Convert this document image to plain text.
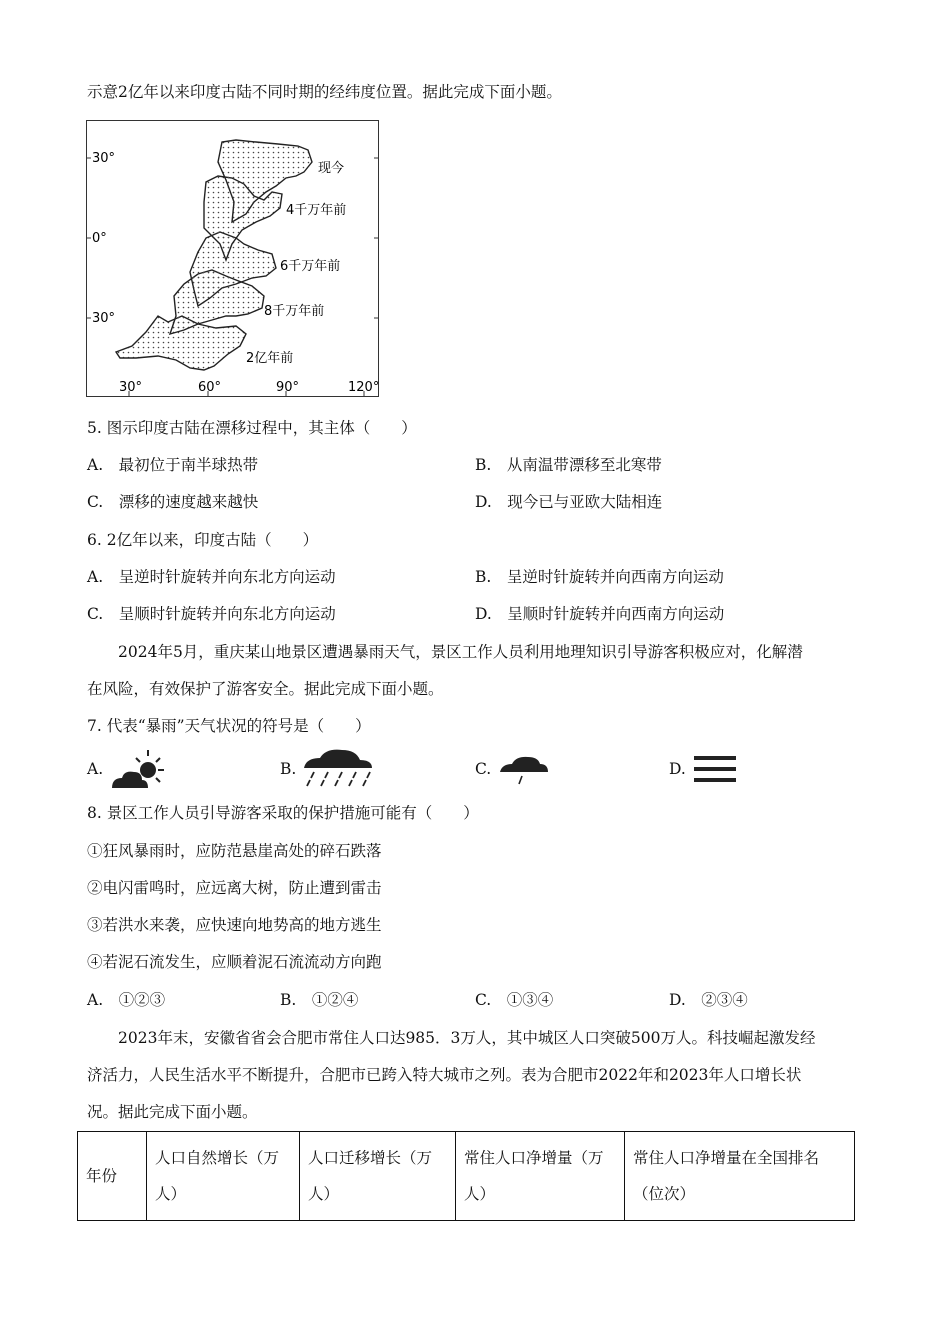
示意2亿年以来印度古陆不同时期的经纬度位置。据此完成下面小题。
30°
0°
30°
30°	60°	90°	120°
现今
4千万年前
6千万年前
8千万年前
2亿年前
5. 图示印度古陆在漂移过程中，其主体（　　）
A.　最初位于南半球热带	B.　从南温带漂移至北寒带
C.　漂移的速度越来越快	D.　现今已与亚欧大陆相连
6. 2亿年以来，印度古陆（　　）
A.　呈逆时针旋转并向东北方向运动	B.　呈逆时针旋转并向西南方向运动
C.　呈顺时针旋转并向东北方向运动	D.　呈顺时针旋转并向西南方向运动
2024年5月，重庆某山地景区遭遇暴雨天气，景区工作人员利用地理知识引导游客积极应对，化解潜
在风险，有效保护了游客安全。据此完成下面小题。
7. 代表“暴雨”天气状况的符号是（　　）
A.	B.	C.	D.
8. 景区工作人员引导游客采取的保护措施可能有（　　）
①狂风暴雨时，应防范悬崖高处的碎石跌落
②电闪雷鸣时，应远离大树，防止遭到雷击
③若洪水来袭，应快速向地势高的地方逃生
④若泥石流发生，应顺着泥石流流动方向跑
A.　①②③	B.　①②④	C.　①③④	D.　②③④
2023年末，安徽省省会合肥市常住人口达985．3万人，其中城区人口突破500万人。科技崛起激发经
济活力，人民生活水平不断提升，合肥市已跨入特大城市之列。表为合肥市2022年和2023年人口增长状
况。据此完成下面小题。
年份	人口自然增长（万人）	人口迁移增长（万人）	常住人口净增量（万人）	常住人口净增量在全国排名（位次）
